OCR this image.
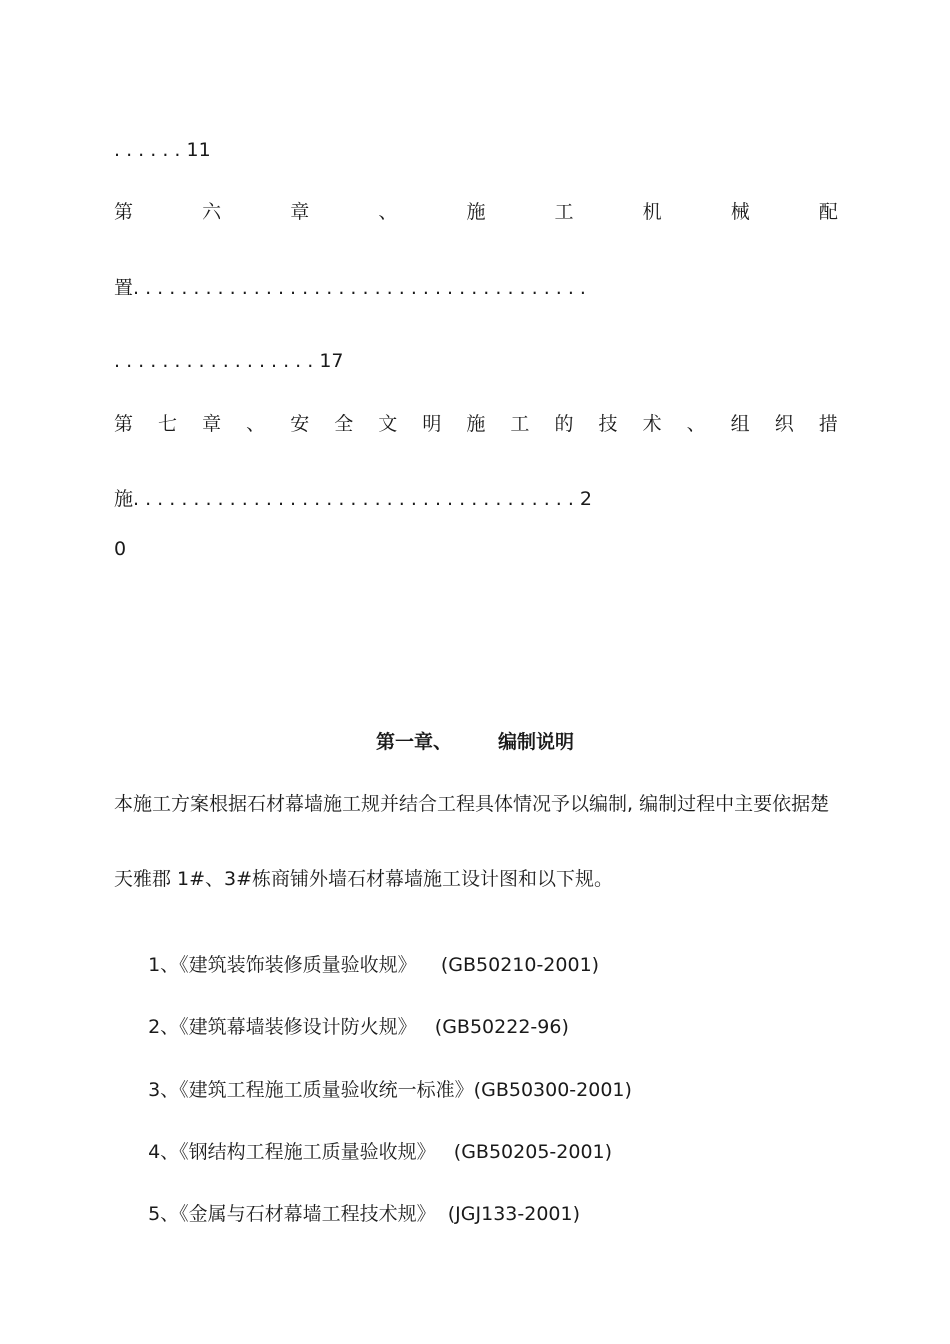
. . . . . . 11
第	六	章	、	施	工	机	械	配
置. . . . . . . . . . . . . . . . . . . . . . . . . . . . . . . . . . . . . .
. . . . . . . . . . . . . . . . . 17
第 七 章 、 安 全 文 明 施 工 的 技 术 、 组 织 措
施. . . . . . . . . . . . . . . . . . . . . . . . . . . . . . . . . . . . . 2
0
第一章、 编制说明
本施工方案根据石材幕墙施工规并结合工程具体情况予以编制, 编制过程中主要依据楚
天雅郡 1#、3#栋商铺外墙石材幕墙施工设计图和以下规。

1、《建筑装饰装修质量验收规》    (GB50210-2001)

2、《建筑幕墙装修设计防火规》   (GB50222-96)

3、《建筑工程施工质量验收统一标准》(GB50300-2001)

4、《钢结构工程施工质量验收规》   (GB50205-2001)

5、《金属与石材幕墙工程技术规》  (JGJ133-2001)
